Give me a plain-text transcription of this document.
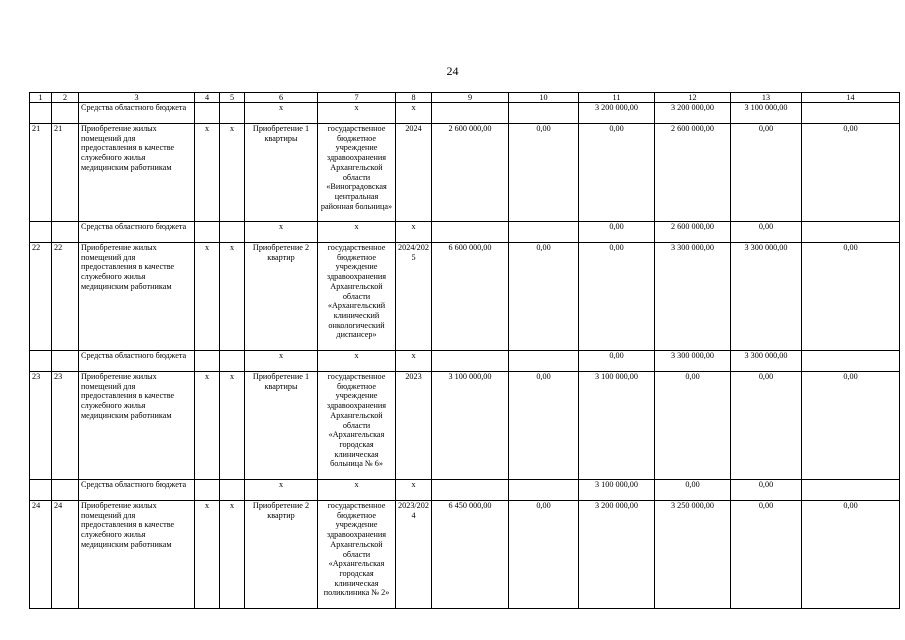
24
1	2	3	4	5	6	7	8	9	10	11	12	13	14
		Средства областного бюджета			х	х	х			3 200 000,00	3 200 000,00	3 100 000,00	
21	21	Приобретение жилых помещений для предоставления в качестве служебного жилья медицинским работникам	х	х	Приобретение 1 квартиры	государственное бюджетное учреждение здравоохранения Архангельской области «Виноградовская центральная районная больница»	2024	2 600 000,00	0,00	0,00	2 600 000,00	0,00	0,00
		Средства областного бюджета			х	х	х			0,00	2 600 000,00	0,00	
22	22	Приобретение жилых помещений для предоставления в качестве служебного жилья медицинским работникам	х	х	Приобретение 2 квартир	государственное бюджетное учреждение здравоохранения Архангельской области «Архангельский клинический онкологический диспансер»	2024/2025	6 600 000,00	0,00	0,00	3 300 000,00	3 300 000,00	0,00
		Средства областного бюджета			х	х	х			0,00	3 300 000,00	3 300 000,00	
23	23	Приобретение жилых помещений для предоставления в качестве служебного жилья медицинским работникам	х	х	Приобретение 1 квартиры	государственное бюджетное учреждение здравоохранения Архангельской области «Архангельская городская клиническая больница № 6»	2023	3 100 000,00	0,00	3 100 000,00	0,00	0,00	0,00
		Средства областного бюджета			х	х	х			3 100 000,00	0,00	0,00	
24	24	Приобретение жилых помещений для предоставления в качестве служебного жилья медицинским работникам	х	х	Приобретение 2 квартир	государственное бюджетное учреждение здравоохранения Архангельской области «Архангельская городская клиническая поликлиника № 2»	2023/2024	6 450 000,00	0,00	3 200 000,00	3 250 000,00	0,00	0,00
